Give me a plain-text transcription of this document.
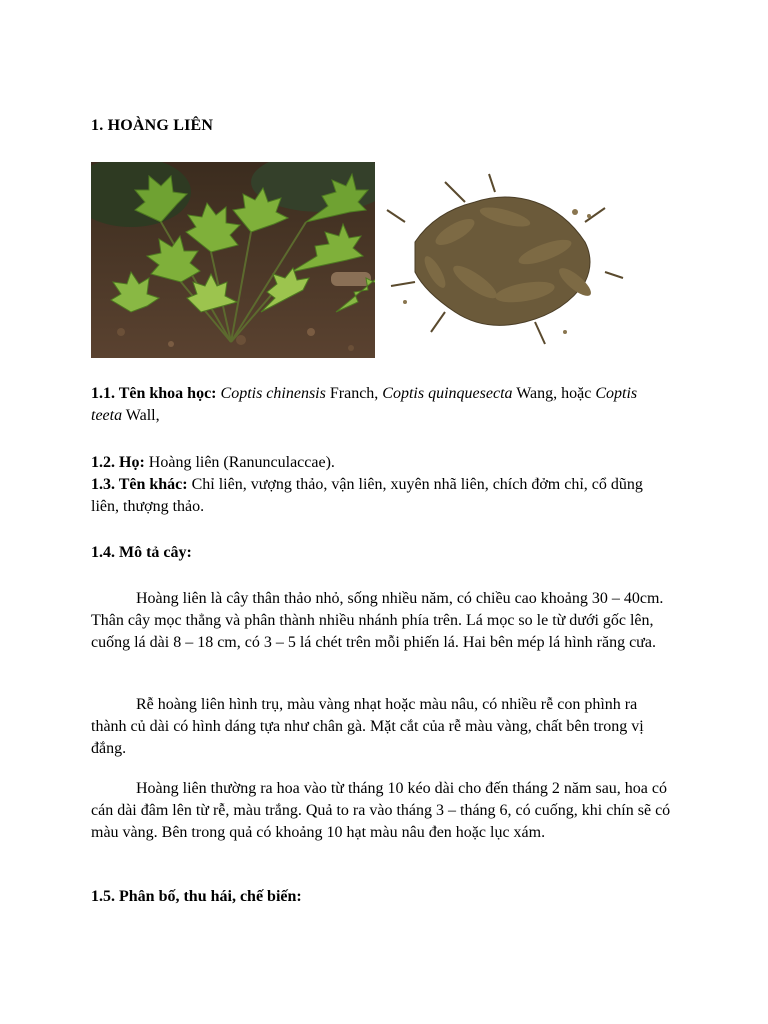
1. HOÀNG LIÊN
1.1. Tên khoa học: Coptis chinensis Franch, Coptis quinquesecta Wang, hoặc Coptis teeta Wall,
1.2. Họ: Hoàng liên (Ranunculaccae).
1.3. Tên khác: Chỉ liên, vượng thảo, vận liên, xuyên nhã liên, chích đởm chỉ, cổ dũng liên, thượng thảo.
1.4. Mô tả cây:
Hoàng liên là cây thân thảo nhỏ, sống nhiều năm, có chiều cao khoảng 30 – 40cm. Thân cây mọc thẳng và phân thành nhiều nhánh phía trên. Lá mọc so le từ dưới gốc lên, cuống lá dài 8 – 18 cm, có 3 – 5 lá chét trên mỗi phiến lá. Hai bên mép lá hình răng cưa.
Rễ hoàng liên hình trụ, màu vàng nhạt hoặc màu nâu, có nhiều rễ con phình ra thành củ dài có hình dáng tựa như chân gà. Mặt cắt của rễ màu vàng, chất bên trong vị đắng.
Hoàng liên thường ra hoa vào từ tháng 10 kéo dài cho đến tháng 2 năm sau, hoa có cán dài đâm lên từ rễ, màu trắng. Quả to ra vào tháng 3 – tháng 6, có cuống, khi chín sẽ có màu vàng. Bên trong quả có khoảng 10 hạt màu nâu đen hoặc lục xám.
1.5. Phân bố, thu hái, chế biến:
